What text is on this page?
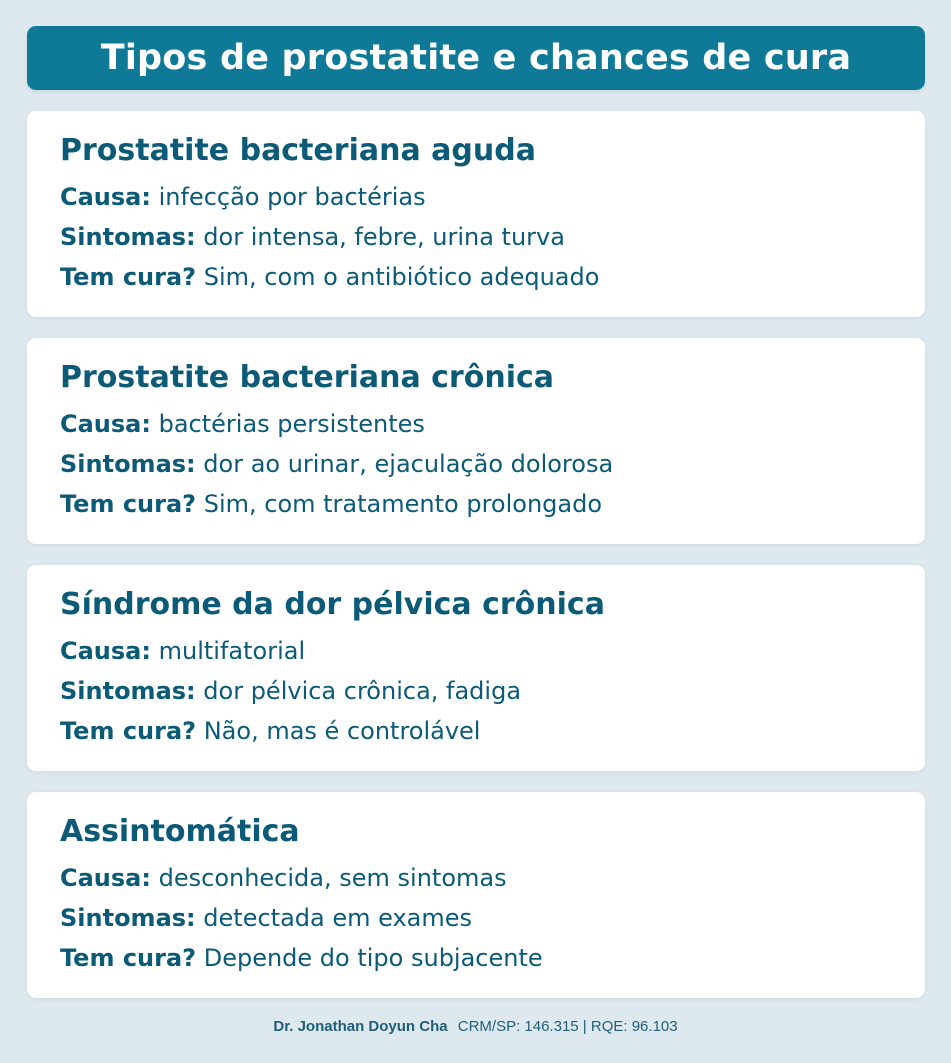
Tipos de prostatite e chances de cura
Prostatite bacteriana aguda
Causa: infecção por bactérias
Sintomas: dor intensa, febre, urina turva
Tem cura? Sim, com o antibiótico adequado
Prostatite bacteriana crônica
Causa: bactérias persistentes
Sintomas: dor ao urinar, ejaculação dolorosa
Tem cura? Sim, com tratamento prolongado
Síndrome da dor pélvica crônica
Causa: multifatorial
Sintomas: dor pélvica crônica, fadiga
Tem cura? Não, mas é controlável
Assintomática
Causa: desconhecida, sem sintomas
Sintomas: detectada em exames
Tem cura? Depende do tipo subjacente
Dr. Jonathan Doyun Cha CRM/SP: 146.315 | RQE: 96.103
